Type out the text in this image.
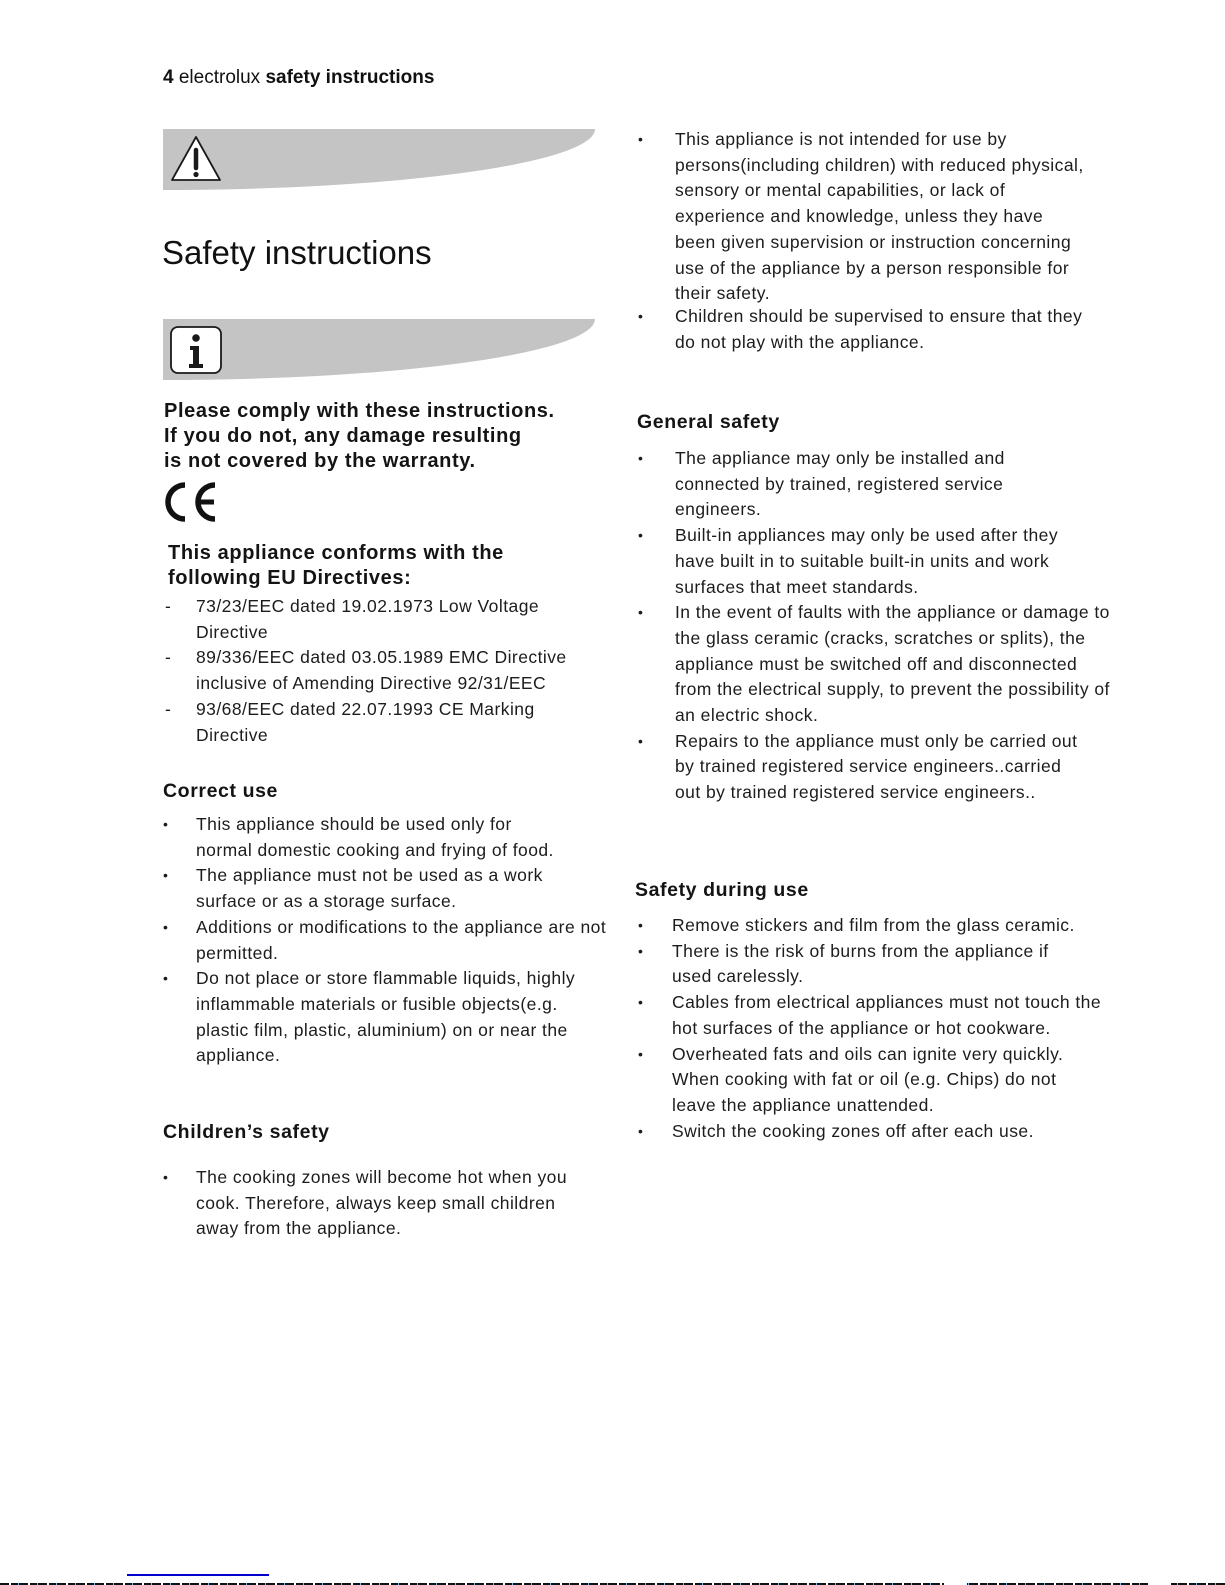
4 electrolux safety instructions
Safety instructions
Please comply with these instructions.
If you do not, any damage resulting
is not covered by the warranty.
This appliance conforms with the
following EU Directives:
- 73/23/EEC dated 19.02.1973 Low Voltage Directive
- 89/336/EEC dated 03.05.1989 EMC Directive inclusive of Amending Directive 92/31/EEC
- 93/68/EEC dated 22.07.1993 CE Marking Directive
Correct use
• This appliance should be used only for normal domestic cooking and frying of food.
• The appliance must not be used as a work surface or as a storage surface.
• Additions or modifications to the appliance are not permitted.
• Do not place or store flammable liquids, highly inflammable materials or fusible objects(e.g. plastic film, plastic, aluminium) on or near the appliance.
Children’s safety
• The cooking zones will become hot when you cook. Therefore, always keep small children away from the appliance.
• This appliance is not intended for use by persons(including children) with reduced physical, sensory or mental capabilities, or lack of experience and knowledge, unless they have been given supervision or instruction concerning use of the appliance by a person responsible for their safety.
• Children should be supervised to ensure that they do not play with the appliance.
General safety
• The appliance may only be installed and connected by trained, registered service engineers.
• Built-in appliances may only be used after they have built in to suitable built-in units and work surfaces that meet standards.
• In the event of faults with the appliance or damage to the glass ceramic (cracks, scratches or splits), the appliance must be switched off and disconnected from the electrical supply, to prevent the possibility of an electric shock.
• Repairs to the appliance must only be carried out by trained registered service engineers..carried out by trained registered service engineers..
Safety during use
• Remove stickers and film from the glass ceramic.
• There is the risk of burns from the appliance if used carelessly.
• Cables from electrical appliances must not touch the hot surfaces of the appliance or hot cookware.
• Overheated fats and oils can ignite very quickly. When cooking with fat or oil (e.g. Chips) do not leave the appliance unattended.
• Switch the cooking zones off after each use.
